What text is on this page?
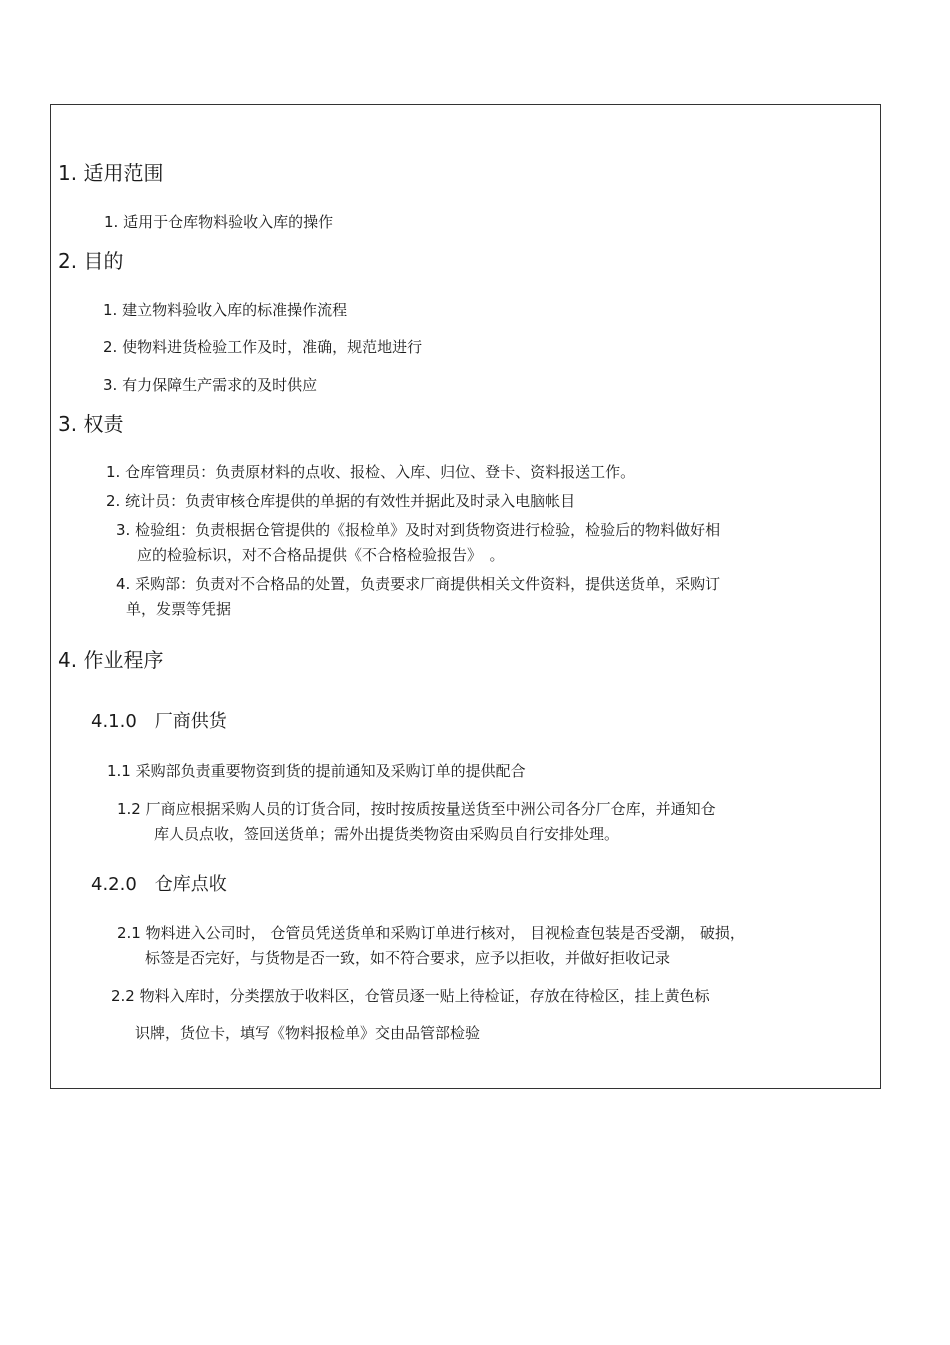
1. 适用范围
1. 适用于仓库物料验收入库的操作
2. 目的
1. 建立物料验收入库的标准操作流程
2. 使物料进货检验工作及时，准确，规范地进行
3. 有力保障生产需求的及时供应
3. 权责
1. 仓库管理员：负责原材料的点收、报检、入库、归位、登卡、资料报送工作。
2. 统计员：负责审核仓库提供的单据的有效性并据此及时录入电脑帐目
3. 检验组：负责根据仓管提供的《报检单》及时对到货物资进行检验，检验后的物料做好相
应的检验标识，对不合格品提供《不合格检验报告》　。
4. 采购部：负责对不合格品的处置，负责要求厂商提供相关文件资料，提供送货单，采购订
单，发票等凭据
4. 作业程序
4.1.0　厂商供货
1.1 采购部负责重要物资到货的提前通知及采购订单的提供配合
1.2 厂商应根据采购人员的订货合同，按时按质按量送货至中洲公司各分厂仓库，并通知仓
库人员点收，签回送货单；需外出提货类物资由采购员自行安排处理。
4.2.0　仓库点收
2.1 物料进入公司时， 仓管员凭送货单和采购订单进行核对， 目视检查包装是否受潮， 破损，
标签是否完好，与货物是否一致，如不符合要求，应予以拒收，并做好拒收记录
2.2 物料入库时，分类摆放于收料区，仓管员逐一贴上待检证，存放在待检区，挂上黄色标
识牌，货位卡，填写《物料报检单》交由品管部检验
